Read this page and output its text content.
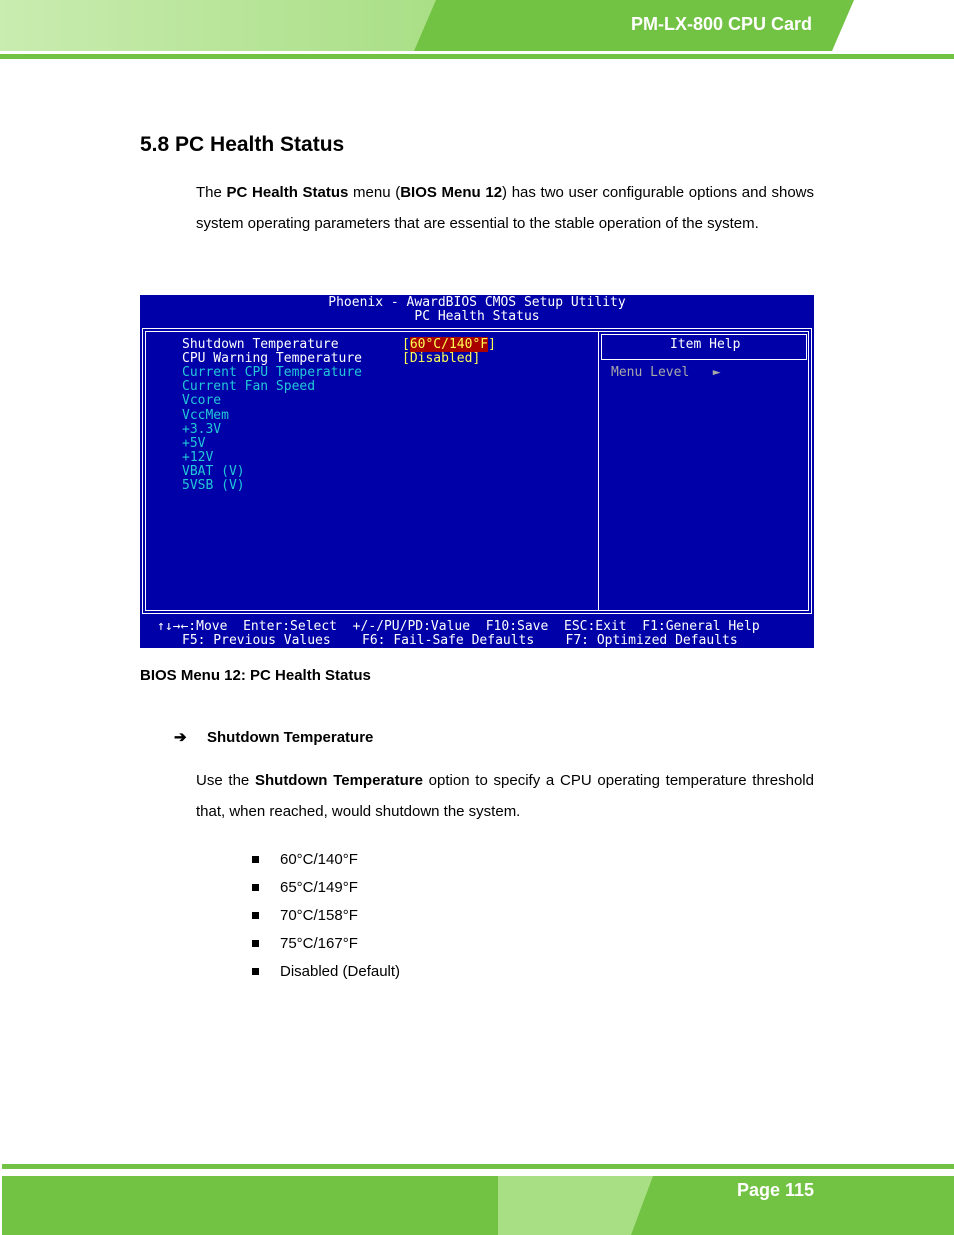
PM-LX-800 CPU Card
5.8 PC Health Status

The PC Health Status menu (BIOS Menu 12) has two user configurable options and shows system operating parameters that are essential to the stable operation of the system.

Phoenix - AwardBIOS CMOS Setup Utility
PC Health Status
Shutdown Temperature	[60°C/140°F]
CPU Warning Temperature	[Disabled]
Current CPU Temperature
Current Fan Speed
Vcore
VccMem
+3.3V
+5V
+12V
VBAT (V)
5VSB (V)
Item Help
Menu Level   ►
↑↓→←:Move  Enter:Select  +/-/PU/PD:Value  F10:Save  ESC:Exit  F1:General Help
F5: Previous Values    F6: Fail-Safe Defaults    F7: Optimized Defaults
BIOS Menu 12: PC Health Status
➔ Shutdown Temperature

Use the Shutdown Temperature option to specify a CPU operating temperature threshold that, when reached, would shutdown the system.

60°C/140°F
65°C/149°F
70°C/158°F
75°C/167°F
Disabled (Default)
Page 115
